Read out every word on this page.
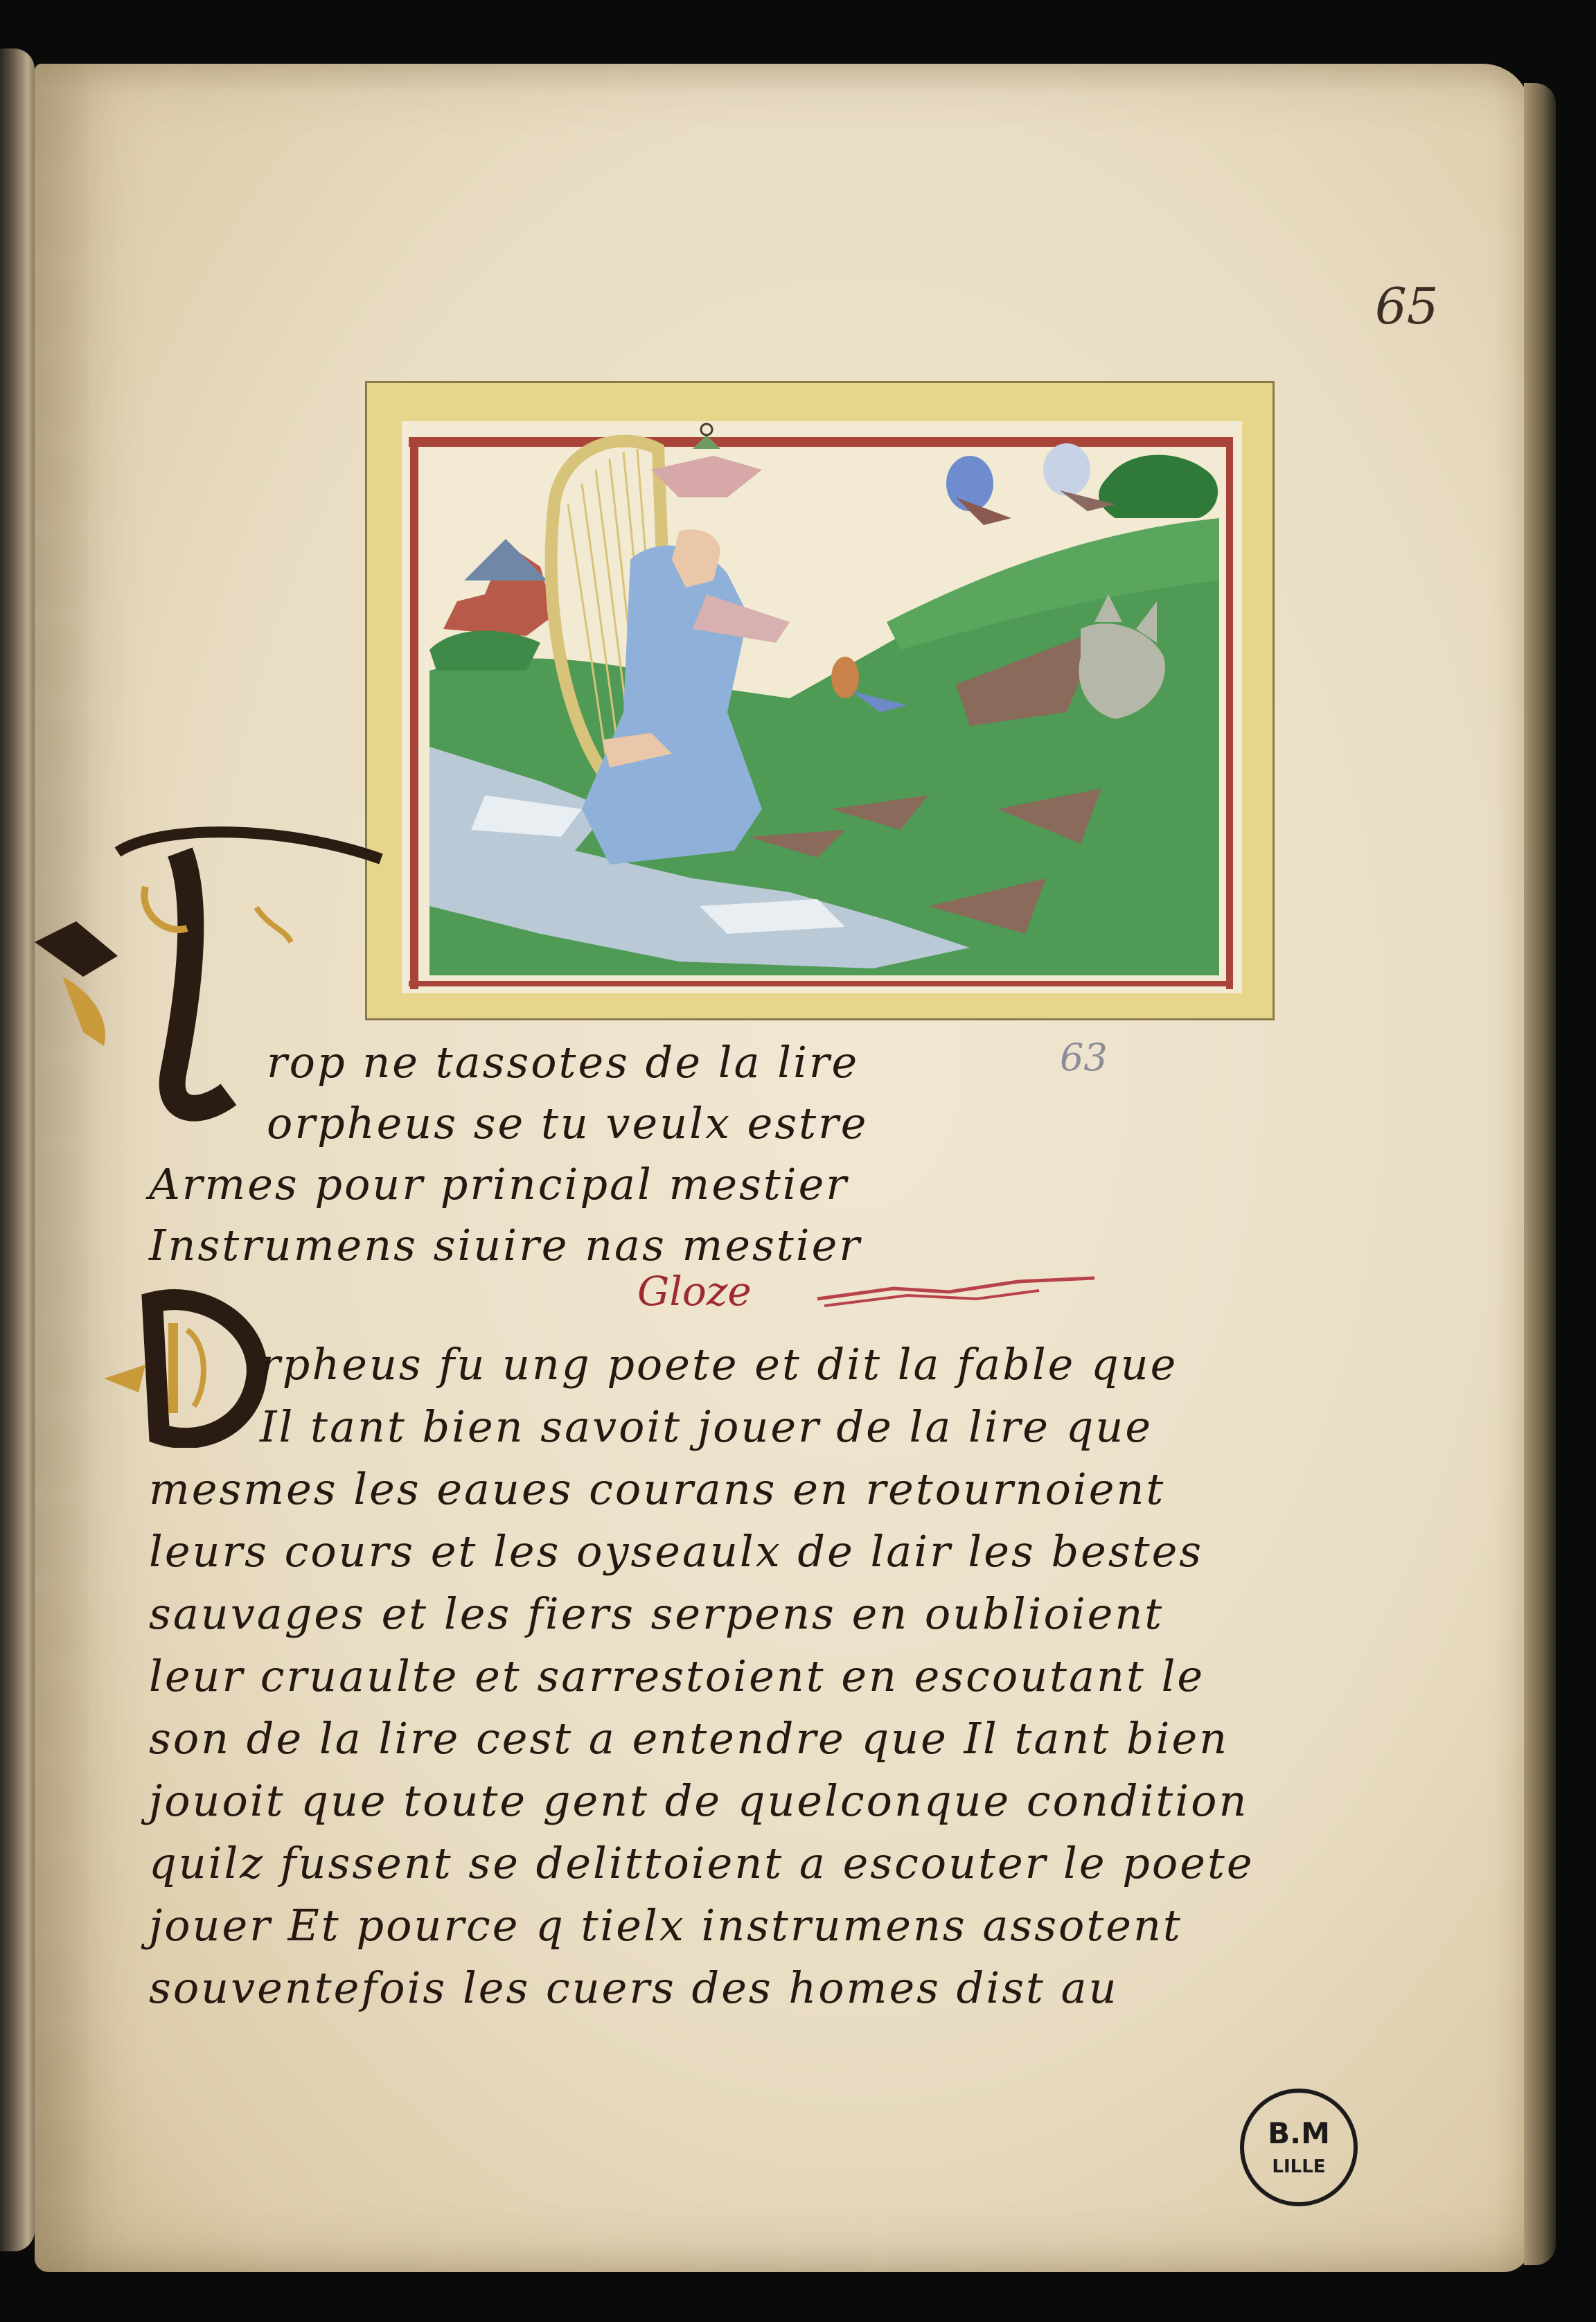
65
63
rop ne tassotes de la lire
orpheus se tu veulx estre
Armes pour principal mestier
Instrumens siuire nas mestier
Gloze
rpheus fu ung poete et dit la fable que
Il tant bien savoit jouer de la lire que
mesmes les eaues courans en retournoient
leurs cours et les oyseaulx de lair les bestes
sauvages et les fiers serpens en oublioient
leur cruaulte et sarrestoient en escoutant le
son de la lire cest a entendre que Il tant bien
jouoit que toute gent de quelconque condition
quilz fussent se delittoient a escouter le poete
jouer Et pource q tielx instrumens assotent
souventefois les cuers des homes dist au
B.M
LILLE
